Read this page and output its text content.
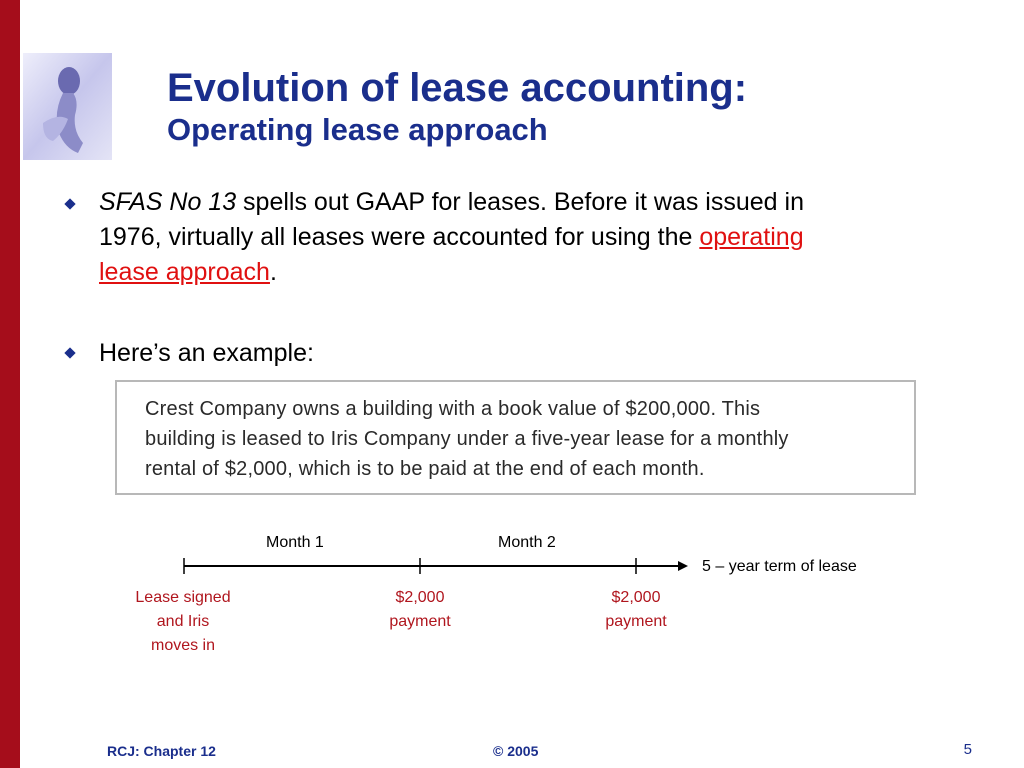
Evolution of lease accounting:
Operating lease approach
SFAS No 13 spells out GAAP for leases. Before it was issued in
1976, virtually all leases were accounted for using the operating
lease approach.
Here’s an example:
Crest Company owns a building with a book value of $200,000. This
building is leased to Iris Company under a five-year lease for a monthly
rental of $2,000, which is to be paid at the end of each month.
Month 1	Month 2
5 – year term of lease
Lease signed
and Iris
moves in
$2,000
payment
$2,000
payment
RCJ: Chapter 12	© 2005	5
